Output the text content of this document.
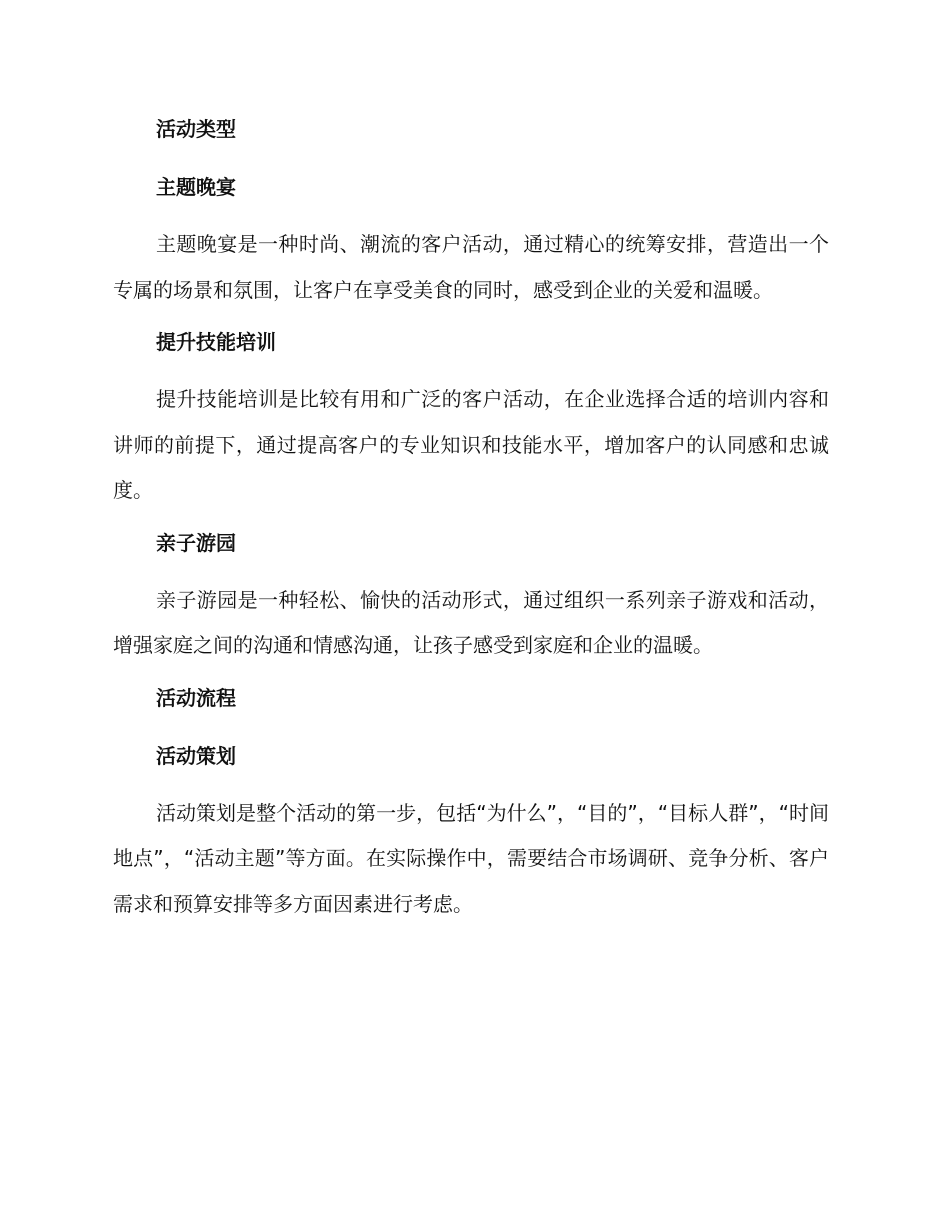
活动类型
主题晚宴

主题晚宴是一种时尚、潮流的客户活动，通过精心的统筹安排，营造出一个专属的场景和氛围，让客户在享受美食的同时，感受到企业的关爱和温暖。

提升技能培训

提升技能培训是比较有用和广泛的客户活动，在企业选择合适的培训内容和讲师的前提下，通过提高客户的专业知识和技能水平，增加客户的认同感和忠诚度。

亲子游园

亲子游园是一种轻松、愉快的活动形式，通过组织一系列亲子游戏和活动，增强家庭之间的沟通和情感沟通，让孩子感受到家庭和企业的温暖。

活动流程
活动策划

活动策划是整个活动的第一步，包括“为什么”，“目的”，“目标人群”，“时间地点”，“活动主题”等方面。在实际操作中，需要结合市场调研、竞争分析、客户需求和预算安排等多方面因素进行考虑。
